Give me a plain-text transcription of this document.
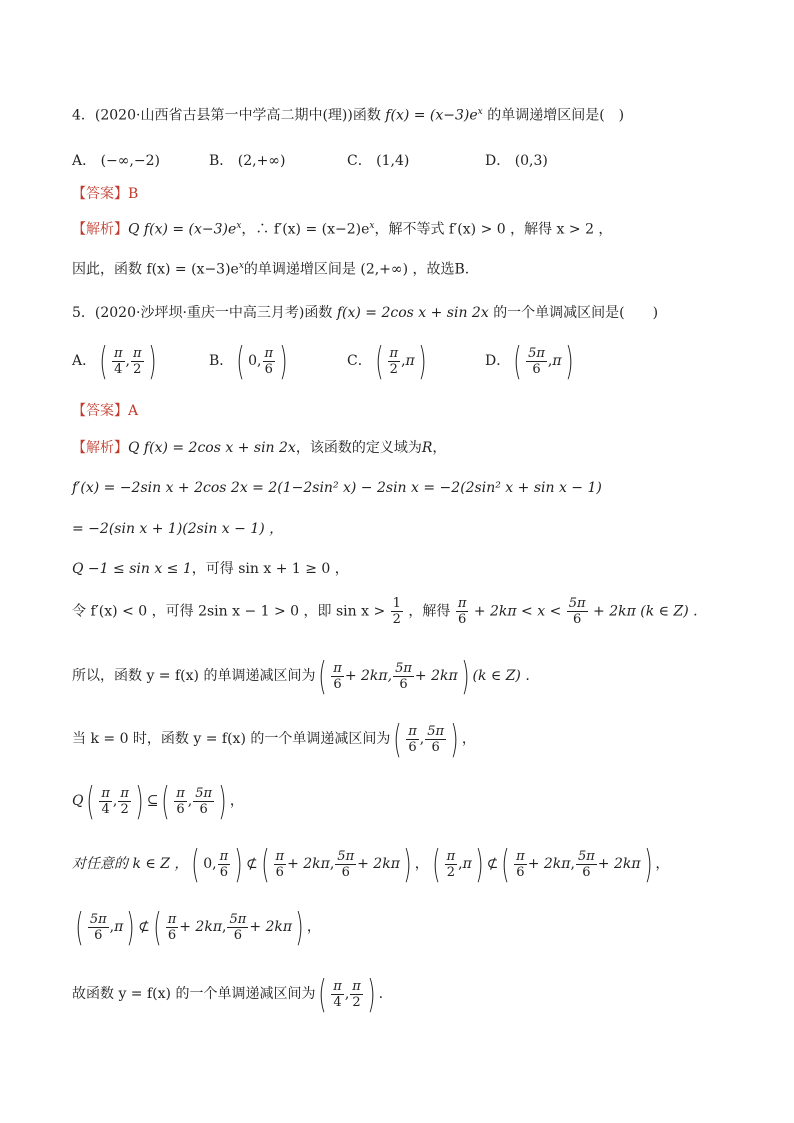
4．(2020·山西省古县第一中学高二期中(理))函数 $f(x) = (x-3)e^x$ 的单调递增区间是(　)
A． (−∞,−2)	B． (2,+∞)	C． (1,4)	D． (0,3)
【答案】B
【解析】Q $f(x) = (x-3)e^x$，∴ $f'(x) = (x-2)e^x$，解不等式 f′(x) > 0 ，解得 x > 2 ，
因此，函数 $f(x) = (x-3)e^x$的单调递增区间是 (2,+∞) ，故选B.
5．(2020·沙坪坝·重庆一中高三月考)函数 f(x) = 2cos x + sin 2x 的一个单调减区间是(　　)
A．( $\frac{\pi}{4}$ , $\frac{\pi}{2}$ )	B．( 0, $\frac{\pi}{6}$ )	C．( $\frac{\pi}{2} ,\pi$)	D．( $\frac{5\pi}{6} ,\pi$)
【答案】A
【解析】Q f(x) = 2cos x + sin 2x，该函数的定义域为R，
f′(x) = −2sin x + 2cos 2x = 2(1−2sin² x) − 2sin x = −2(2sin² x + sin x − 1)
= −2(sin x + 1)(2sin x − 1) ，
Q −1 ≤ sin x ≤ 1，可得 sin x + 1 ≥ 0 ，
令 f′(x) < 0 ，可得 2sin x − 1 > 0 ，即 $\sin x > \frac{1}{2}$ ，解得 $\frac{\pi}{6} + 2k\pi < x < \frac{5\pi}{6} + 2k\pi$ (k ∈ Z) .
所以，函数 y = f(x) 的单调递减区间为( $\frac{\pi}{6} + 2k\pi$, $\frac{5\pi}{6} + 2k\pi$) (k ∈ Z) .
当 k = 0 时，函数 y = f(x) 的一个单调递减区间为( $\frac{\pi}{6}$ , $\frac{5\pi}{6}$ ) ，
$Q( \frac{\pi}{4}$ , $\frac{\pi}{2}$ ) ⊆( $\frac{\pi}{6}$ , $\frac{5\pi}{6}$ ) ，
对任意的 k ∈ Z ，( 0, $\frac{\pi}{6}$ ) ⊄( $\frac{\pi}{6} + 2k\pi$, $\frac{5\pi}{6} + 2k\pi$) ，( $\frac{\pi}{2} ,\pi$) ⊄( $\frac{\pi}{6} + 2k\pi$, $\frac{5\pi}{6} + 2k\pi$) ，
( $\frac{5\pi}{6} ,\pi$) ⊄( $\frac{\pi}{6} + 2k\pi$, $\frac{5\pi}{6} + 2k\pi$) ，
故函数 y = f(x) 的一个单调递减区间为( $\frac{\pi}{4}$ , $\frac{\pi}{2}$ ) .
